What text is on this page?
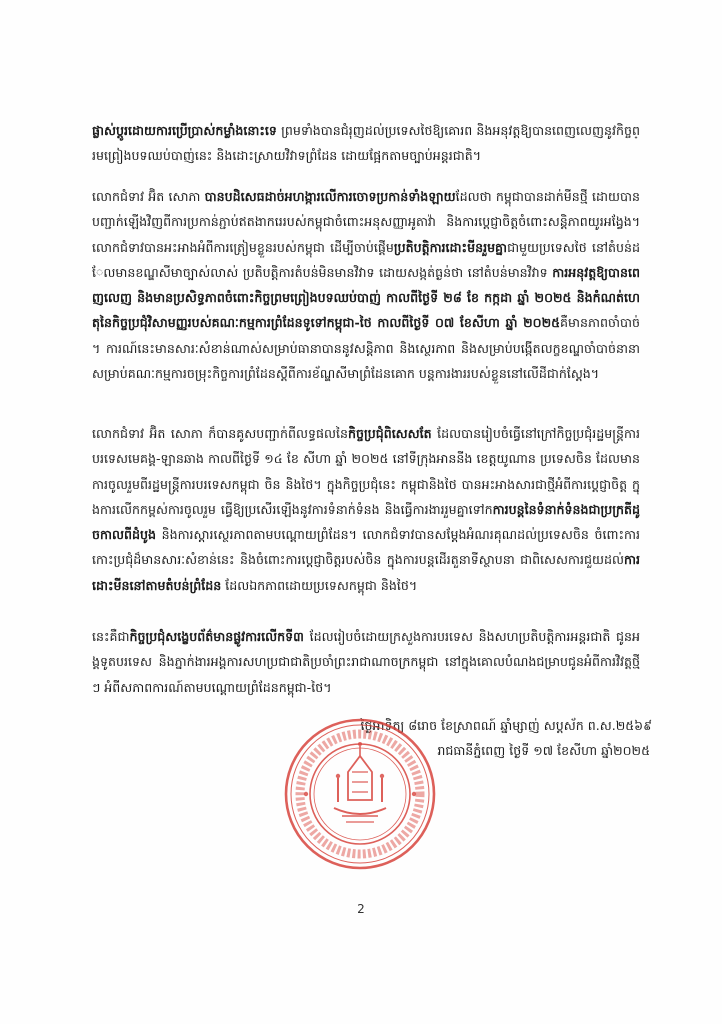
ផ្លាស់ប្តូរដោយការប្រើប្រាស់កម្លាំងនោះទេ ព្រមទាំងបានជំរុញដល់ប្រទេសថៃឱ្យគោរព និងអនុវត្តឱ្យបានពេញលេញនូវកិច្ចព្រមព្រៀងបទឈប់បាញ់នេះ និងដោះស្រាយវិវាទព្រំដែន ដោយផ្អែកតាមច្បាប់អន្តរជាតិ។

លោកជំទាវ អ៊ិត សោភា បានបដិសេធដាច់អហង្ការលើការចោទប្រកាន់ទាំងឡាយដែលថា កម្ពុជាបានដាក់មីនថ្មី ដោយបានបញ្ជាក់ឡើងវិញពីការប្រកាន់ភ្ជាប់ឥតងាករេរបស់កម្ពុជាចំពោះអនុសញ្ញាអូតាវ៉ា និងការប្តេជ្ញាចិត្តចំពោះសន្តិភាពយូរអង្វែង។ លោកជំទាវបានអះអាងអំពីការត្រៀមខ្លួនរបស់កម្ពុជា ដើម្បីចាប់ផ្តើមប្រតិបត្តិការដោះមីនរួមគ្នាជាមួយប្រទេសថៃ នៅតំបន់ដែលមានខណ្ឌសីមាច្បាស់លាស់ ប្រតិបត្តិការតំបន់មិនមានវិវាទ ដោយសង្កត់ធ្ងន់ថា នៅតំបន់មានវិវាទ ការអនុវត្តឱ្យបានពេញលេញ និងមានប្រសិទ្ធភាពចំពោះកិច្ចព្រមព្រៀងបទឈប់បាញ់ កាលពីថ្ងៃទី ២៨ ខែ កក្កដា ឆ្នាំ ២០២៥ និងកំណត់ហេតុនៃកិច្ចប្រជុំវិសាមញ្ញរបស់គណៈកម្មការព្រំដែនទូទៅកម្ពុជា-ថៃ កាលពីថ្ងៃទី ០៧ ខែសីហា ឆ្នាំ ២០២៥គឺមានភាពចាំបាច់។ ការណ៍នេះមានសារៈសំខាន់ណាស់សម្រាប់ធានាបាននូវសន្តិភាព និងស្ថេរភាព និងសម្រាប់បង្កើតលក្ខខណ្ឌចាំបាច់នានា សម្រាប់គណៈកម្មការចម្រុះកិច្ចការព្រំដែនស្តីពីការខ័ណ្ឌសីមាព្រំដែនគោក បន្តការងាររបស់ខ្លួននៅលើដីជាក់ស្តែង។

លោកជំទាវ អ៊ិត សោភា ក៏បានគូសបញ្ជាក់ពីលទ្ធផលនៃកិច្ចប្រជុំពិសេសតែ ដែលបានរៀបចំធ្វើនៅក្រៅកិច្ចប្រជុំរដ្ឋមន្ត្រីការបរទេសមេគង្គ-ឡានឆាង កាលពីថ្ងៃទី ១៤ ខែ សីហា ឆ្នាំ ២០២៥ នៅទីក្រុងអាននីង ខេត្តយូណាន ប្រទេសចិន ដែលមានការចូលរួមពីរដ្ឋមន្ត្រីការបរទេសកម្ពុជា ចិន និងថៃ។ ក្នុងកិច្ចប្រជុំនេះ កម្ពុជានិងថៃ បានអះអាងសារជាថ្មីអំពីការប្តេជ្ញាចិត្ត ក្នុងការលើកកម្ពស់ការចូលរួម ធ្វើឱ្យប្រសើរឡើងនូវការទំនាក់ទំនង និងធ្វើការងាររួមគ្នាទៅកការបន្តនៃទំនាក់ទំនងជាប្រក្រតីដូចកាលពីដំបូង និងការស្តារស្ថេរភាពតាមបណ្តោយព្រំដែន។ លោកជំទាវបានសម្តែងអំណរគុណដល់ប្រទេសចិន ចំពោះការកោះប្រជុំដ៏មានសារៈសំខាន់នេះ និងចំពោះការប្តេជ្ញាចិត្តរបស់ចិន ក្នុងការបន្តដើរតួនាទីស្ថាបនា ជាពិសេសការជួយដល់ការដោះមីននៅតាមតំបន់ព្រំដែន ដែលឯកភាពដោយប្រទេសកម្ពុជា និងថៃ។

នេះគឺជាកិច្ចប្រជុំសង្ខេបព័ត៌មានផ្លូវការលើកទី៣ ដែលរៀបចំដោយក្រសួងការបរទេស និងសហប្រតិបត្តិការអន្តរជាតិ ជូនអង្គទូតបរទេស និងភ្នាក់ងារអង្គការសហប្រជាជាតិប្រចាំព្រះរាជាណាចក្រកម្ពុជា នៅក្នុងគោលបំណងជម្រាបជូនអំពីការវិវត្តថ្មីៗ អំពីសភាពការណ៍តាមបណ្តោយព្រំដែនកម្ពុជា-ថៃ។

ថ្ងៃអាទិត្យ ៨រោច ខែស្រាពណ៍ ឆ្នាំម្សាញ់ សប្តស័ក ព.ស.២៥៦៩
រាជធានីភ្នំពេញ ថ្ងៃទី ១៧ ខែសីហា ឆ្នាំ២០២៥
2
